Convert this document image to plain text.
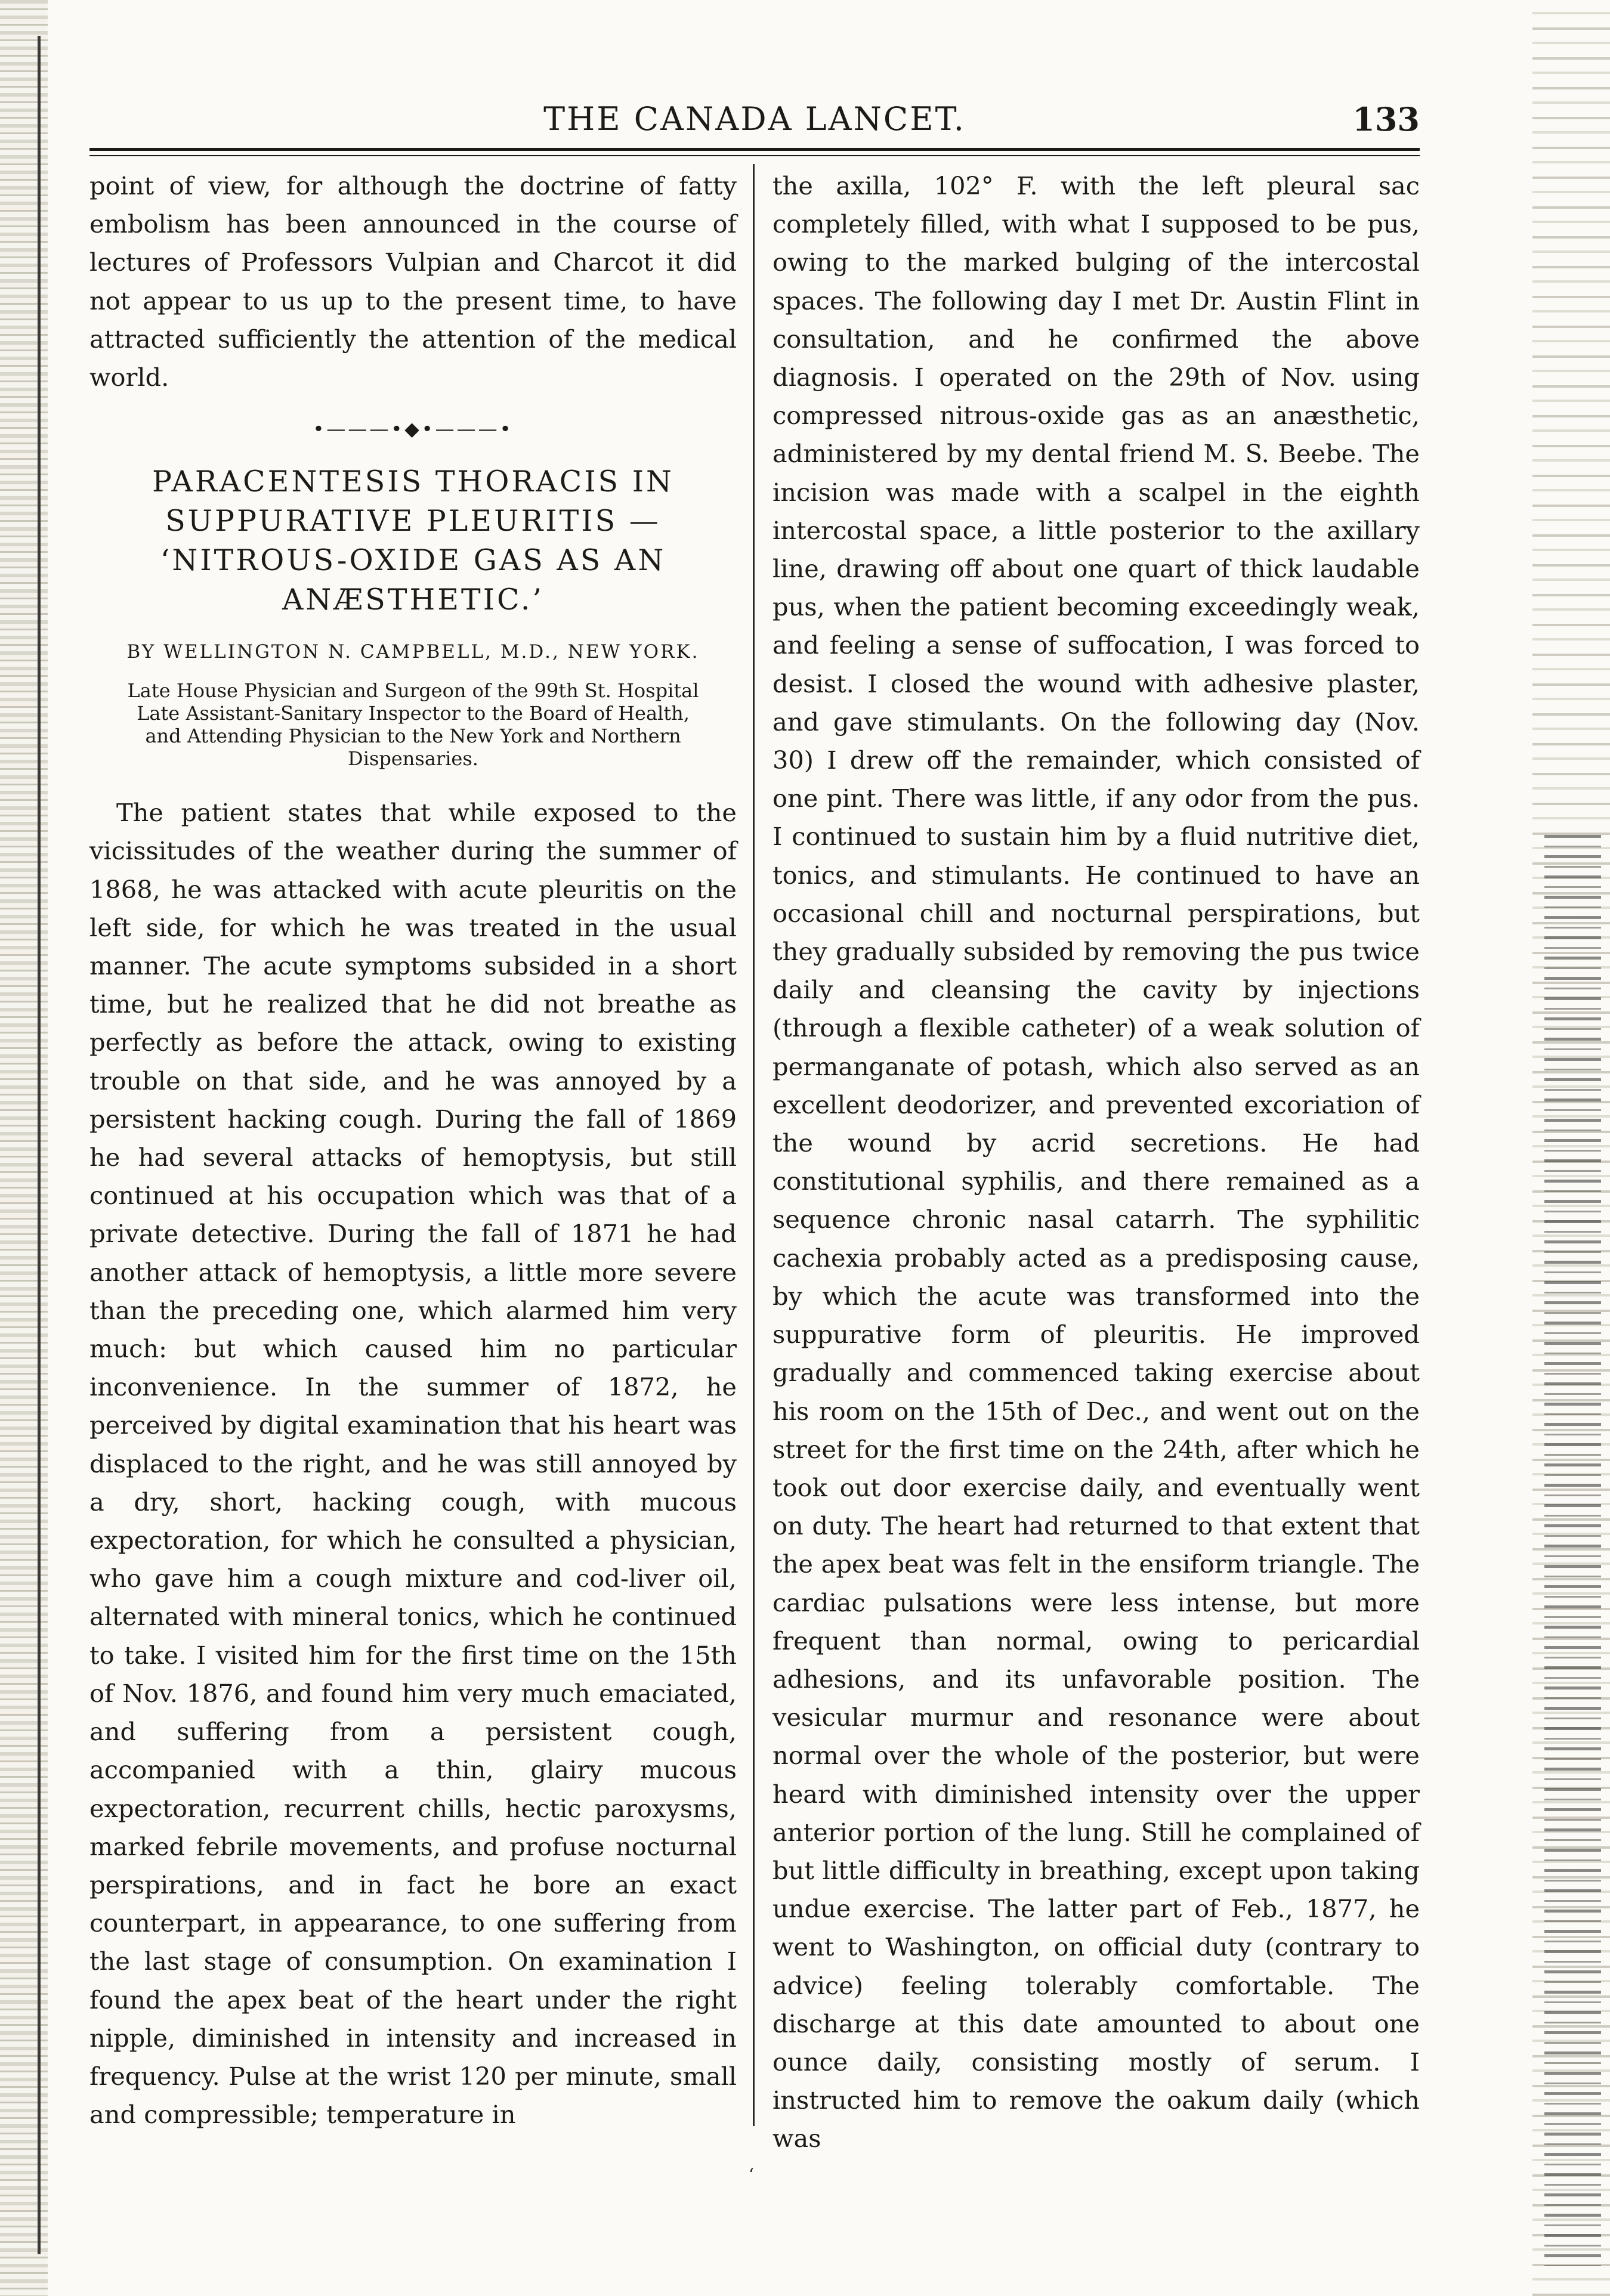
THE CANADA LANCET.	133

point of view, for although the doctrine of fatty embolism has been announced in the course of lectures of Professors Vulpian and Charcot it did not appear to us up to the present time, to have attracted sufficiently the attention of the medical world.

•———•◆•———•
PARACENTESIS THORACIS IN SUPPURATIVE PLEURITIS — ‘NITROUS-OXIDE GAS AS AN ANÆSTHETIC.’
BY WELLINGTON N. CAMPBELL, M.D., NEW YORK.
Late House Physician and Surgeon of the 99th St. Hospital Late Assistant-Sanitary Inspector to the Board of Health, and Attending Physician to the New York and Northern Dispensaries.

The patient states that while exposed to the vicissitudes of the weather during the summer of 1868, he was attacked with acute pleuritis on the left side, for which he was treated in the usual manner. The acute symptoms subsided in a short time, but he realized that he did not breathe as perfectly as before the attack, owing to existing trouble on that side, and he was annoyed by a persistent hacking cough. During the fall of 1869 he had several attacks of hemoptysis, but still continued at his occupation which was that of a private detective. During the fall of 1871 he had another attack of hemoptysis, a little more severe than the preceding one, which alarmed him very much: but which caused him no particular inconvenience. In the summer of 1872, he perceived by digital examination that his heart was displaced to the right, and he was still annoyed by a dry, short, hacking cough, with mucous expectoration, for which he consulted a physician, who gave him a cough mixture and cod-liver oil, alternated with mineral tonics, which he continued to take. I visited him for the first time on the 15th of Nov. 1876, and found him very much emaciated, and suffering from a persistent cough, accompanied with a thin, glairy mucous expectoration, recurrent chills, hectic paroxysms, marked febrile movements, and profuse nocturnal perspirations, and in fact he bore an exact counterpart, in appearance, to one suffering from the last stage of consumption. On examination I found the apex beat of the heart under the right nipple, diminished in intensity and increased in frequency. Pulse at the wrist 120 per minute, small and compressible; temperature in

the axilla, 102° F. with the left pleural sac completely filled, with what I supposed to be pus, owing to the marked bulging of the intercostal spaces. The following day I met Dr. Austin Flint in consultation, and he confirmed the above diagnosis. I operated on the 29th of Nov. using compressed nitrous-oxide gas as an anæsthetic, administered by my dental friend M. S. Beebe. The incision was made with a scalpel in the eighth intercostal space, a little posterior to the axillary line, drawing off about one quart of thick laudable pus, when the patient becoming exceedingly weak, and feeling a sense of suffocation, I was forced to desist. I closed the wound with adhesive plaster, and gave stimulants. On the following day (Nov. 30) I drew off the remainder, which consisted of one pint. There was little, if any odor from the pus. I continued to sustain him by a fluid nutritive diet, tonics, and stimulants. He continued to have an occasional chill and nocturnal perspirations, but they gradually subsided by removing the pus twice daily and cleansing the cavity by injections (through a flexible catheter) of a weak solution of permanganate of potash, which also served as an excellent deodorizer, and prevented excoriation of the wound by acrid secretions. He had constitutional syphilis, and there remained as a sequence chronic nasal catarrh. The syphilitic cachexia probably acted as a predisposing cause, by which the acute was transformed into the suppurative form of pleuritis. He improved gradually and commenced taking exercise about his room on the 15th of Dec., and went out on the street for the first time on the 24th, after which he took out door exercise daily, and eventually went on duty. The heart had returned to that extent that the apex beat was felt in the ensiform triangle. The cardiac pulsations were less intense, but more frequent than normal, owing to pericardial adhesions, and its unfavorable position. The vesicular murmur and resonance were about normal over the whole of the posterior, but were heard with diminished intensity over the upper anterior portion of the lung. Still he complained of but little difficulty in breathing, except upon taking undue exercise. The latter part of Feb., 1877, he went to Washington, on official duty (contrary to advice) feeling tolerably comfortable. The discharge at this date amounted to about one ounce daily, consisting mostly of serum. I instructed him to remove the oakum daily (which was

‘
